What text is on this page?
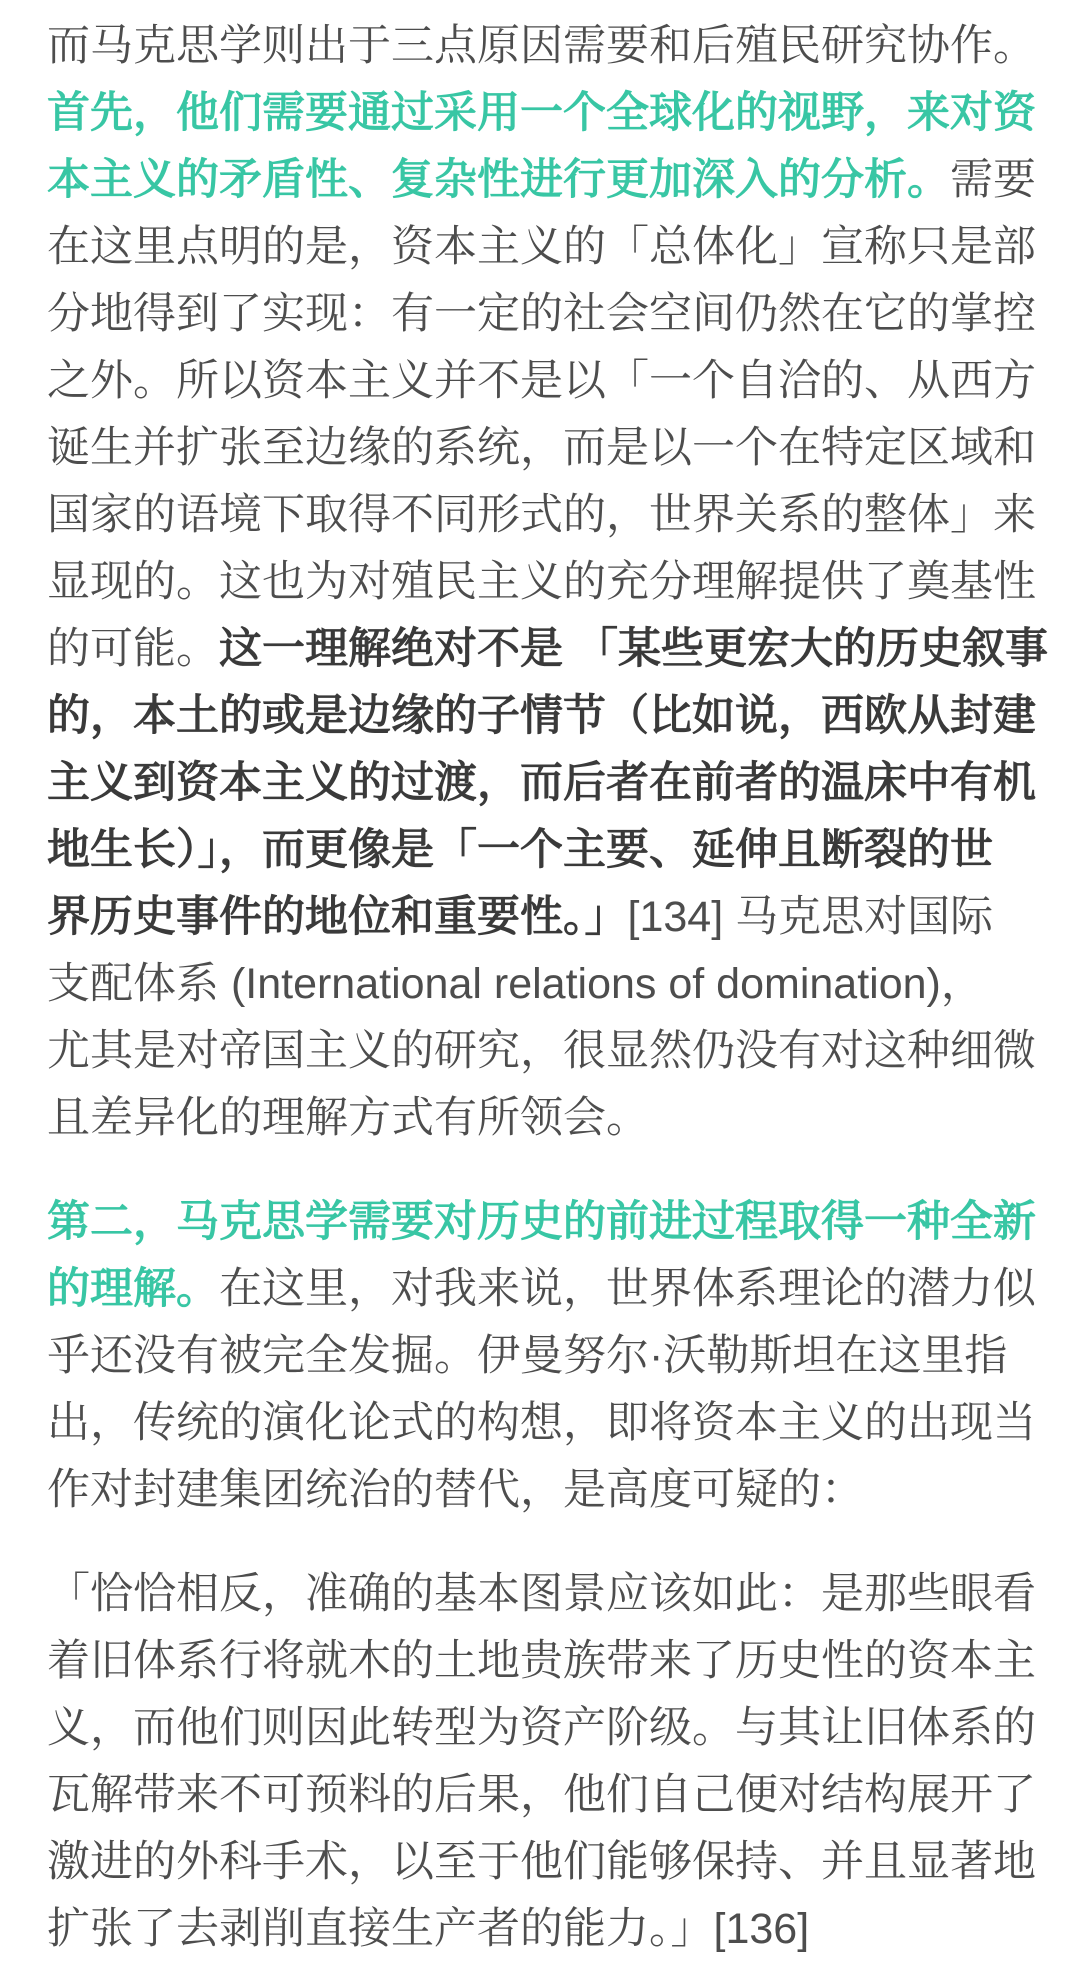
而马克思学则出于三点原因需要和后殖民研究协作。
首先，他们需要通过采用一个全球化的视野，来对资
本主义的矛盾性、复杂性进行更加深入的分析。需要
在这里点明的是，资本主义的「总体化」宣称只是部
分地得到了实现：有一定的社会空间仍然在它的掌控
之外。所以资本主义并不是以「一个自洽的、从西方
诞生并扩张至边缘的系统，而是以一个在特定区域和
国家的语境下取得不同形式的，世界关系的整体」来
显现的。这也为对殖民主义的充分理解提供了奠基性
的可能。这一理解绝对不是 「某些更宏大的历史叙事
的，本土的或是边缘的子情节（比如说，西欧从封建
主义到资本主义的过渡，而后者在前者的温床中有机
地生长）」，而更像是「一个主要、延伸且断裂的世
界历史事件的地位和重要性。」[134] 马克思对国际
支配体系 (International relations of domination)，
尤其是对帝国主义的研究，很显然仍没有对这种细微
且差异化的理解方式有所领会。
第二，马克思学需要对历史的前进过程取得一种全新
的理解。在这里，对我来说，世界体系理论的潜力似
乎还没有被完全发掘。伊曼努尔·沃勒斯坦在这里指
出，传统的演化论式的构想，即将资本主义的出现当
作对封建集团统治的替代，是高度可疑的：
「恰恰相反，准确的基本图景应该如此：是那些眼看
着旧体系行将就木的土地贵族带来了历史性的资本主
义，而他们则因此转型为资产阶级。与其让旧体系的
瓦解带来不可预料的后果，他们自己便对结构展开了
激进的外科手术，以至于他们能够保持、并且显著地
扩张了去剥削直接生产者的能力。」[136]
